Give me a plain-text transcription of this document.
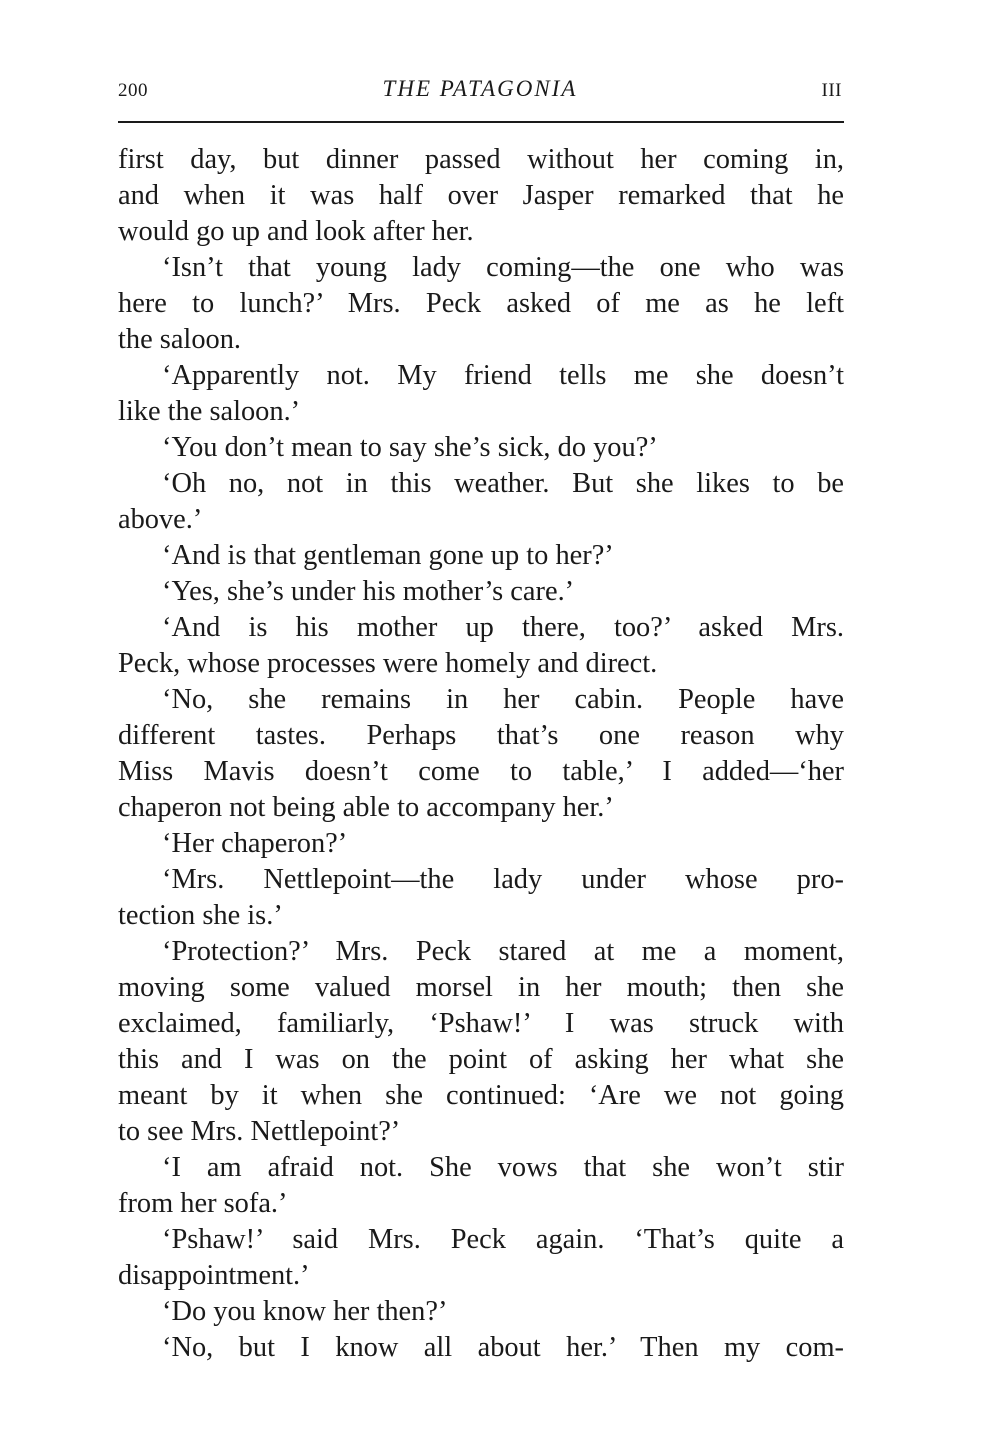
200	THE PATAGONIA	III
first day, but dinner passed without her coming in,
and when it was half over Jasper remarked that he
would go up and look after her.
‘Isn’t that young lady coming—the one who was
here to lunch?’ Mrs. Peck asked of me as he left
the saloon.
‘Apparently not. My friend tells me she doesn’t
like the saloon.’
‘You don’t mean to say she’s sick, do you?’
‘Oh no, not in this weather. But she likes to be
above.’
‘And is that gentleman gone up to her?’
‘Yes, she’s under his mother’s care.’
‘And is his mother up there, too?’ asked Mrs.
Peck, whose processes were homely and direct.
‘No, she remains in her cabin. People have
different tastes. Perhaps that’s one reason why
Miss Mavis doesn’t come to table,’ I added—‘her
chaperon not being able to accompany her.’
‘Her chaperon?’
‘Mrs. Nettlepoint—the lady under whose pro-
tection she is.’
‘Protection?’ Mrs. Peck stared at me a moment,
moving some valued morsel in her mouth; then she
exclaimed, familiarly, ‘Pshaw!’ I was struck with
this and I was on the point of asking her what she
meant by it when she continued: ‘Are we not going
to see Mrs. Nettlepoint?’
‘I am afraid not. She vows that she won’t stir
from her sofa.’
‘Pshaw!’ said Mrs. Peck again. ‘That’s quite a
disappointment.’
‘Do you know her then?’
‘No, but I know all about her.’ Then my com-
